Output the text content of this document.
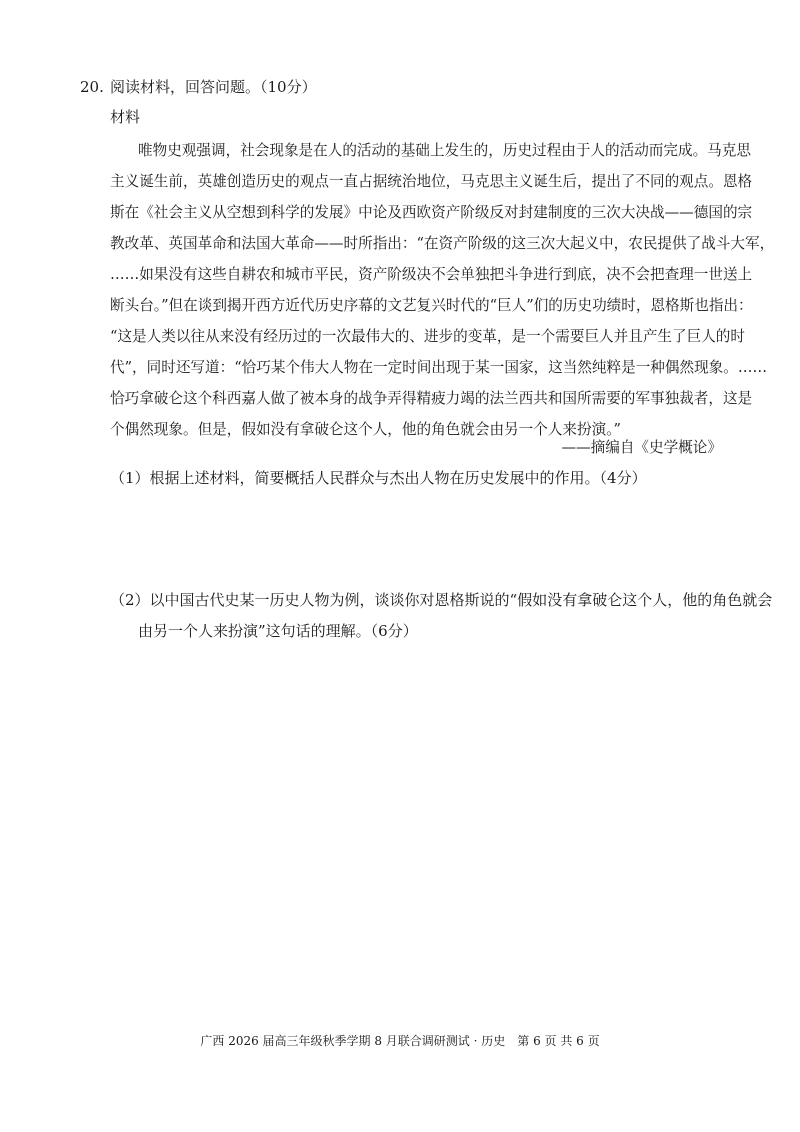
20. 阅读材料，回答问题。（10分）
材料
唯物史观强调，社会现象是在人的活动的基础上发生的，历史过程由于人的活动而完成。马克思
主义诞生前，英雄创造历史的观点一直占据统治地位，马克思主义诞生后，提出了不同的观点。恩格
斯在《社会主义从空想到科学的发展》中论及西欧资产阶级反对封建制度的三次大决战——德国的宗
教改革、英国革命和法国大革命——时所指出：“在资产阶级的这三次大起义中，农民提供了战斗大军，
……如果没有这些自耕农和城市平民，资产阶级决不会单独把斗争进行到底，决不会把查理一世送上
断头台。”但在谈到揭开西方近代历史序幕的文艺复兴时代的“巨人”们的历史功绩时，恩格斯也指出：
“这是人类以往从来没有经历过的一次最伟大的、进步的变革，是一个需要巨人并且产生了巨人的时
代”，同时还写道：“恰巧某个伟大人物在一定时间出现于某一国家，这当然纯粹是一种偶然现象。……
恰巧拿破仑这个科西嘉人做了被本身的战争弄得精疲力竭的法兰西共和国所需要的军事独裁者，这是
个偶然现象。但是，假如没有拿破仑这个人，他的角色就会由另一个人来扮演。”
——摘编自《史学概论》
（1）根据上述材料，简要概括人民群众与杰出人物在历史发展中的作用。（4分）
（2）以中国古代史某一历史人物为例，谈谈你对恩格斯说的“假如没有拿破仑这个人，他的角色就会
由另一个人来扮演”这句话的理解。（6分）
广西 2026 届高三年级秋季学期 8 月联合调研测试 · 历史　第 6 页 共 6 页
